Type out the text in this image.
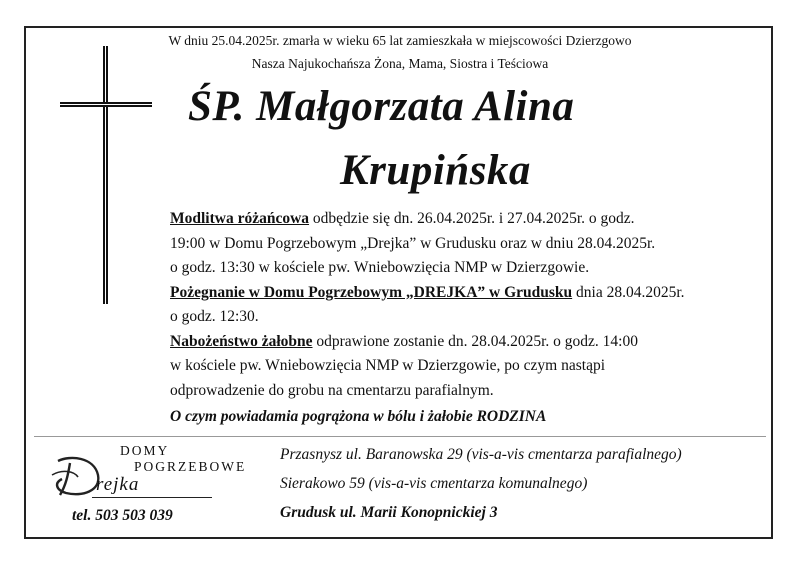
W dniu 25.04.2025r. zmarła w wieku 65 lat zamieszkała w miejscowości Dzierzgowo
Nasza Najukochańsza Żona, Mama, Siostra i Teściowa
ŚP. Małgorzata Alina
Krupińska
Modlitwa różańcowa odbędzie się dn. 26.04.2025r. i 27.04.2025r. o godz.
19:00 w Domu Pogrzebowym „Drejka” w Grudusku oraz w dniu 28.04.2025r.
o godz. 13:30 w kościele pw. Wniebowzięcia NMP w Dzierzgowie.
Pożegnanie w Domu Pogrzebowym „DREJKA” w Grudusku dnia 28.04.2025r.
o godz. 12:30.
Nabożeństwo żałobne odprawione zostanie dn. 28.04.2025r. o godz. 14:00
w kościele pw. Wniebowzięcia NMP w Dzierzgowie, po czym nastąpi
odprowadzenie do grobu na cmentarzu parafialnym.
O czym powiadamia pogrążona w bólu i żałobie RODZINA
DOMY
POGRZEBOWE
rejka
tel. 503 503 039
Przasnysz ul. Baranowska 29 (vis-a-vis cmentarza parafialnego)
Sierakowo 59 (vis-a-vis cmentarza komunalnego)
Grudusk ul. Marii Konopnickiej 3
